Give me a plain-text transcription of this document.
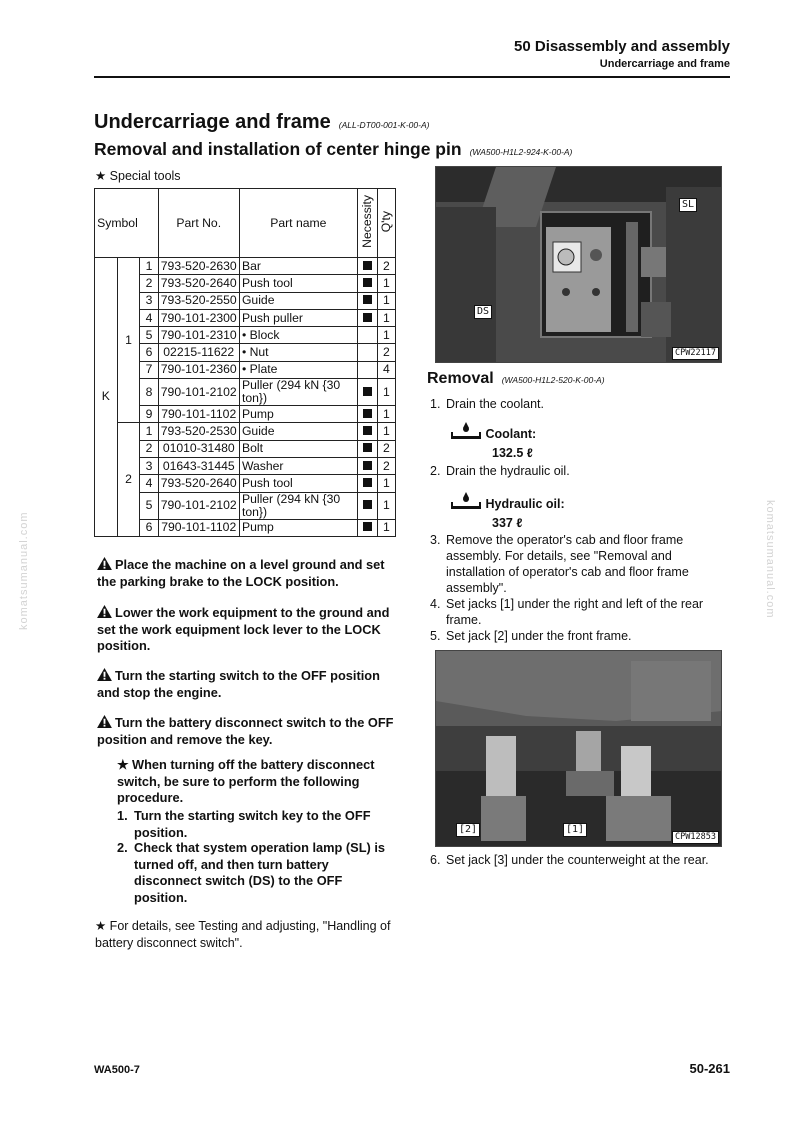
50 Disassembly and assembly
Undercarriage and frame
komatsumanual.com	komatsumanual.com
Undercarriage and frame (ALL-DT00-001-K-00-A)
Removal and installation of center hinge pin (WA500-H1L2-924-K-00-A)
★ Special tools
Symbol			Part No.	Part name	Necessity	Q'ty
K	1	1	793-520-2630	Bar		2
		2	793-520-2640	Push tool		1
		3	793-520-2550	Guide		1
		4	790-101-2300	Push puller		1
		5	790-101-2310	• Block		1
		6	02215-11622	• Nut		2
		7	790-101-2360	• Plate		4
		8	790-101-2102	Puller (294 kN {30 ton})		1
		9	790-101-1102	Pump		1
	2	1	793-520-2530	Guide		1
		2	01010-31480	Bolt		2
		3	01643-31445	Washer		2
		4	793-520-2640	Push tool		1
		5	790-101-2102	Puller (294 kN {30 ton})		1
		6	790-101-1102	Pump		1
Place the machine on a level ground and set the parking brake to the LOCK position.
Lower the work equipment to the ground and set the work equipment lock lever to the LOCK position.
Turn the starting switch to the OFF position and stop the engine.
Turn the battery disconnect switch to the OFF position and remove the key.
★ When turning off the battery disconnect switch, be sure to perform the following procedure.
1. Turn the starting switch key to the OFF position.
2. Check that system operation lamp (SL) is turned off, and then turn battery disconnect switch (DS) to the OFF position.
★ For details, see Testing and adjusting, "Handling of battery disconnect switch".
SL
DS
CPW22117
Removal (WA500-H1L2-520-K-00-A)
1. Drain the coolant.
Coolant:
132.5 ℓ
2. Drain the hydraulic oil.
Hydraulic oil:
337 ℓ
3. Remove the operator's cab and floor frame assembly. For details, see "Removal and installation of operator's cab and floor frame assembly".
4. Set jacks [1] under the right and left of the rear frame.
5. Set jack [2] under the front frame.
[2]	[1]
CPW12853
6. Set jack [3] under the counterweight at the rear.
WA500-7	50-261
